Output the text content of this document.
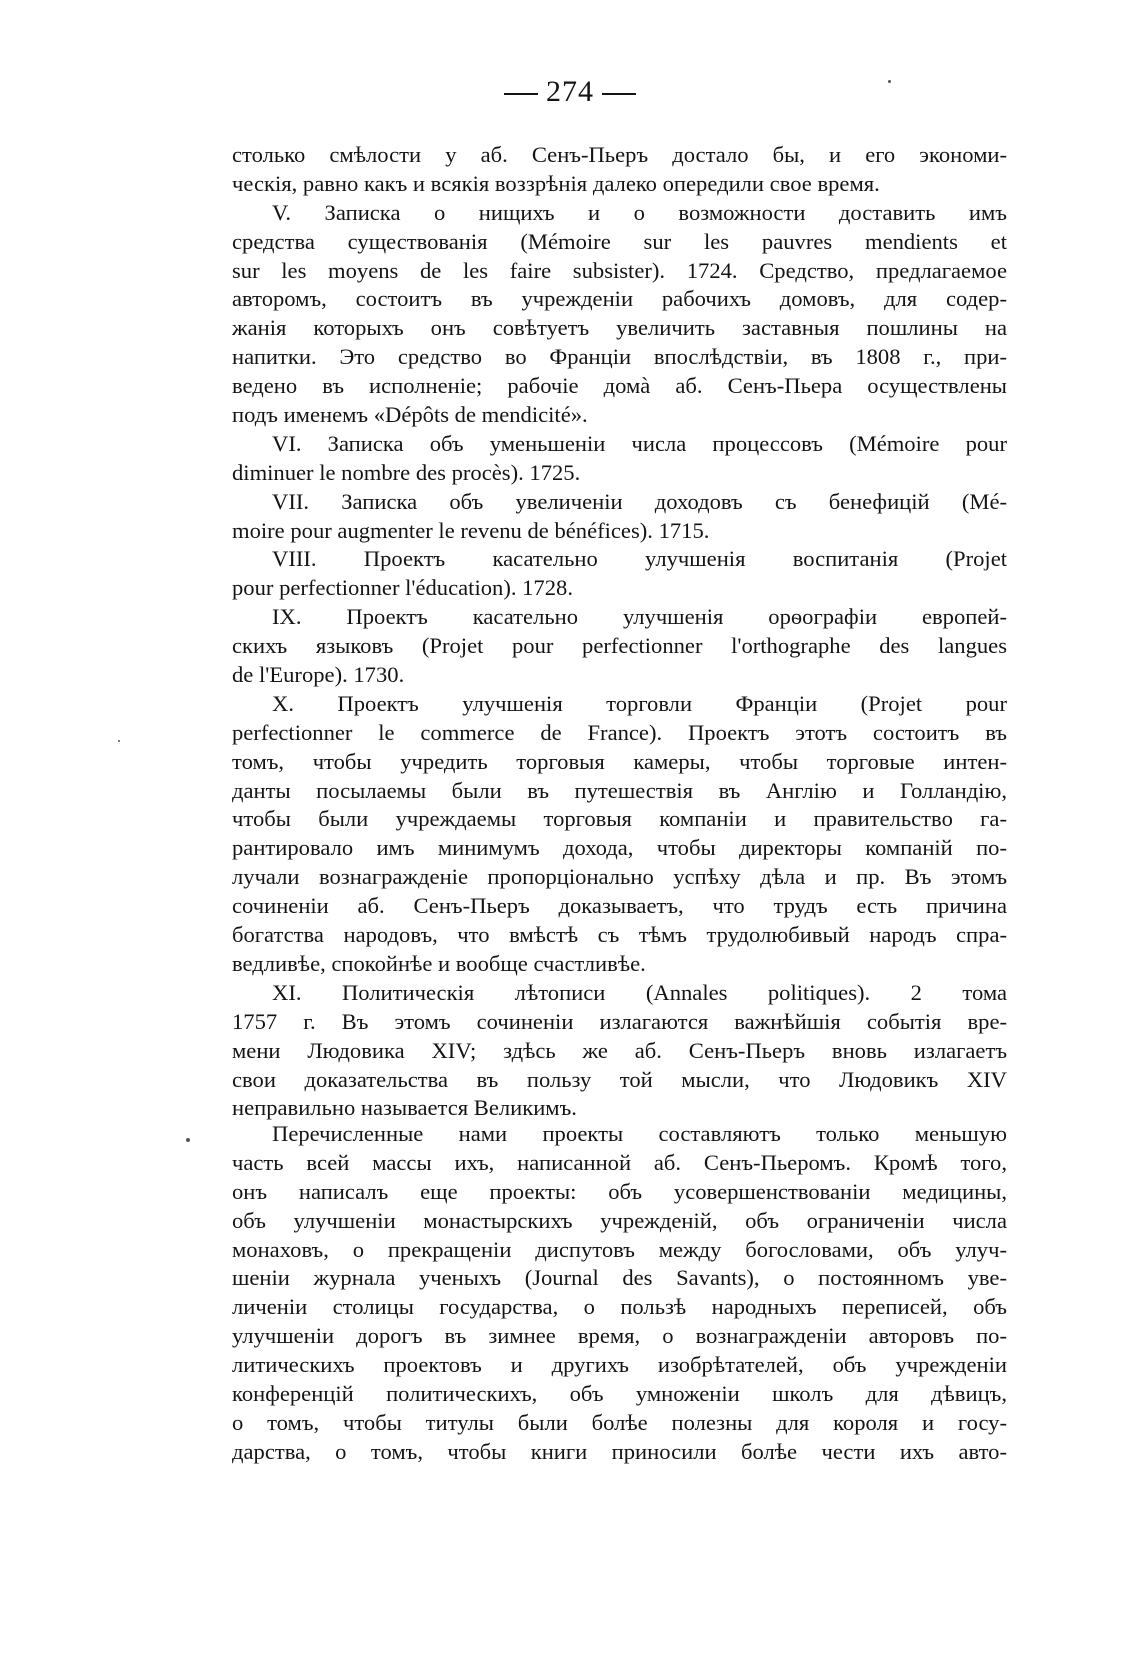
274
столько смѣлости у аб. Сенъ-Пьеръ достало бы, и его экономи-
ческія, равно какъ и всякія воззрѣнія далеко опередили свое время.
V. Записка о нищихъ и о возможности доставить имъ
средства существованія (Mémoire sur les pauvres mendients et
sur les moyens de les faire subsister). 1724. Средство, предлагаемое
авторомъ, состоитъ въ учрежденіи рабочихъ домовъ, для содер-
жанія которыхъ онъ совѣтуетъ увеличить заставныя пошлины на
напитки. Это средство во Франціи впослѣдствіи, въ 1808 г., при-
ведено въ исполненіе; рабочіе домà аб. Сенъ-Пьера осуществлены
подъ именемъ «Dépôts de mendicité».
VI. Записка объ уменьшеніи числа процессовъ (Mémoire pour
diminuer le nombre des procès). 1725.
VII. Записка объ увеличеніи доходовъ съ бенефицій (Mé-
moire pour augmenter le revenu de bénéfices). 1715.
VIII. Проектъ касательно улучшенія воспитанія (Projet
pour perfectionner l'éducation). 1728.
IX. Проектъ касательно улучшенія орѳографіи европей-
скихъ языковъ (Projet pour perfectionner l'orthographe des langues
de l'Europe). 1730.
X. Проектъ улучшенія торговли Франціи (Projet pour
perfectionner le commerce de France). Проектъ этотъ состоитъ въ
томъ, чтобы учредить торговыя камеры, чтобы торговые интен-
данты посылаемы были въ путешествія въ Англію и Голландію,
чтобы были учреждаемы торговыя компаніи и правительство га-
рантировало имъ минимумъ дохода, чтобы директоры компаній по-
лучали вознагражденіе пропорціонально успѣху дѣла и пр. Въ этомъ
сочиненіи аб. Сенъ-Пьеръ доказываетъ, что трудъ есть причина
богатства народовъ, что вмѣстѣ съ тѣмъ трудолюбивый народъ спра-
ведливѣе, спокойнѣе и вообще счастливѣе.
XI. Политическія лѣтописи (Annales politiques). 2 тома
1757 г. Въ этомъ сочиненіи излагаются важнѣйшія событія вре-
мени Людовика XIV; здѣсь же аб. Сенъ-Пьеръ вновь излагаетъ
свои доказательства въ пользу той мысли, что Людовикъ XIV
неправильно называется Великимъ.
Перечисленные нами проекты составляютъ только меньшую
часть всей массы ихъ, написанной аб. Сенъ-Пьеромъ. Кромѣ того,
онъ написалъ еще проекты: объ усовершенствованіи медицины,
объ улучшеніи монастырскихъ учрежденій, объ ограниченіи числа
монаховъ, о прекращеніи диспутовъ между богословами, объ улуч-
шеніи журнала ученыхъ (Journal des Savants), о постоянномъ уве-
личеніи столицы государства, о пользѣ народныхъ переписей, объ
улучшеніи дорогъ въ зимнее время, о вознагражденіи авторовъ по-
литическихъ проектовъ и другихъ изобрѣтателей, объ учрежденіи
конференцій политическихъ, объ умноженіи школъ для дѣвицъ,
о томъ, чтобы титулы были болѣе полезны для короля и госу-
дарства, о томъ, чтобы книги приносили болѣе чести ихъ авто-
